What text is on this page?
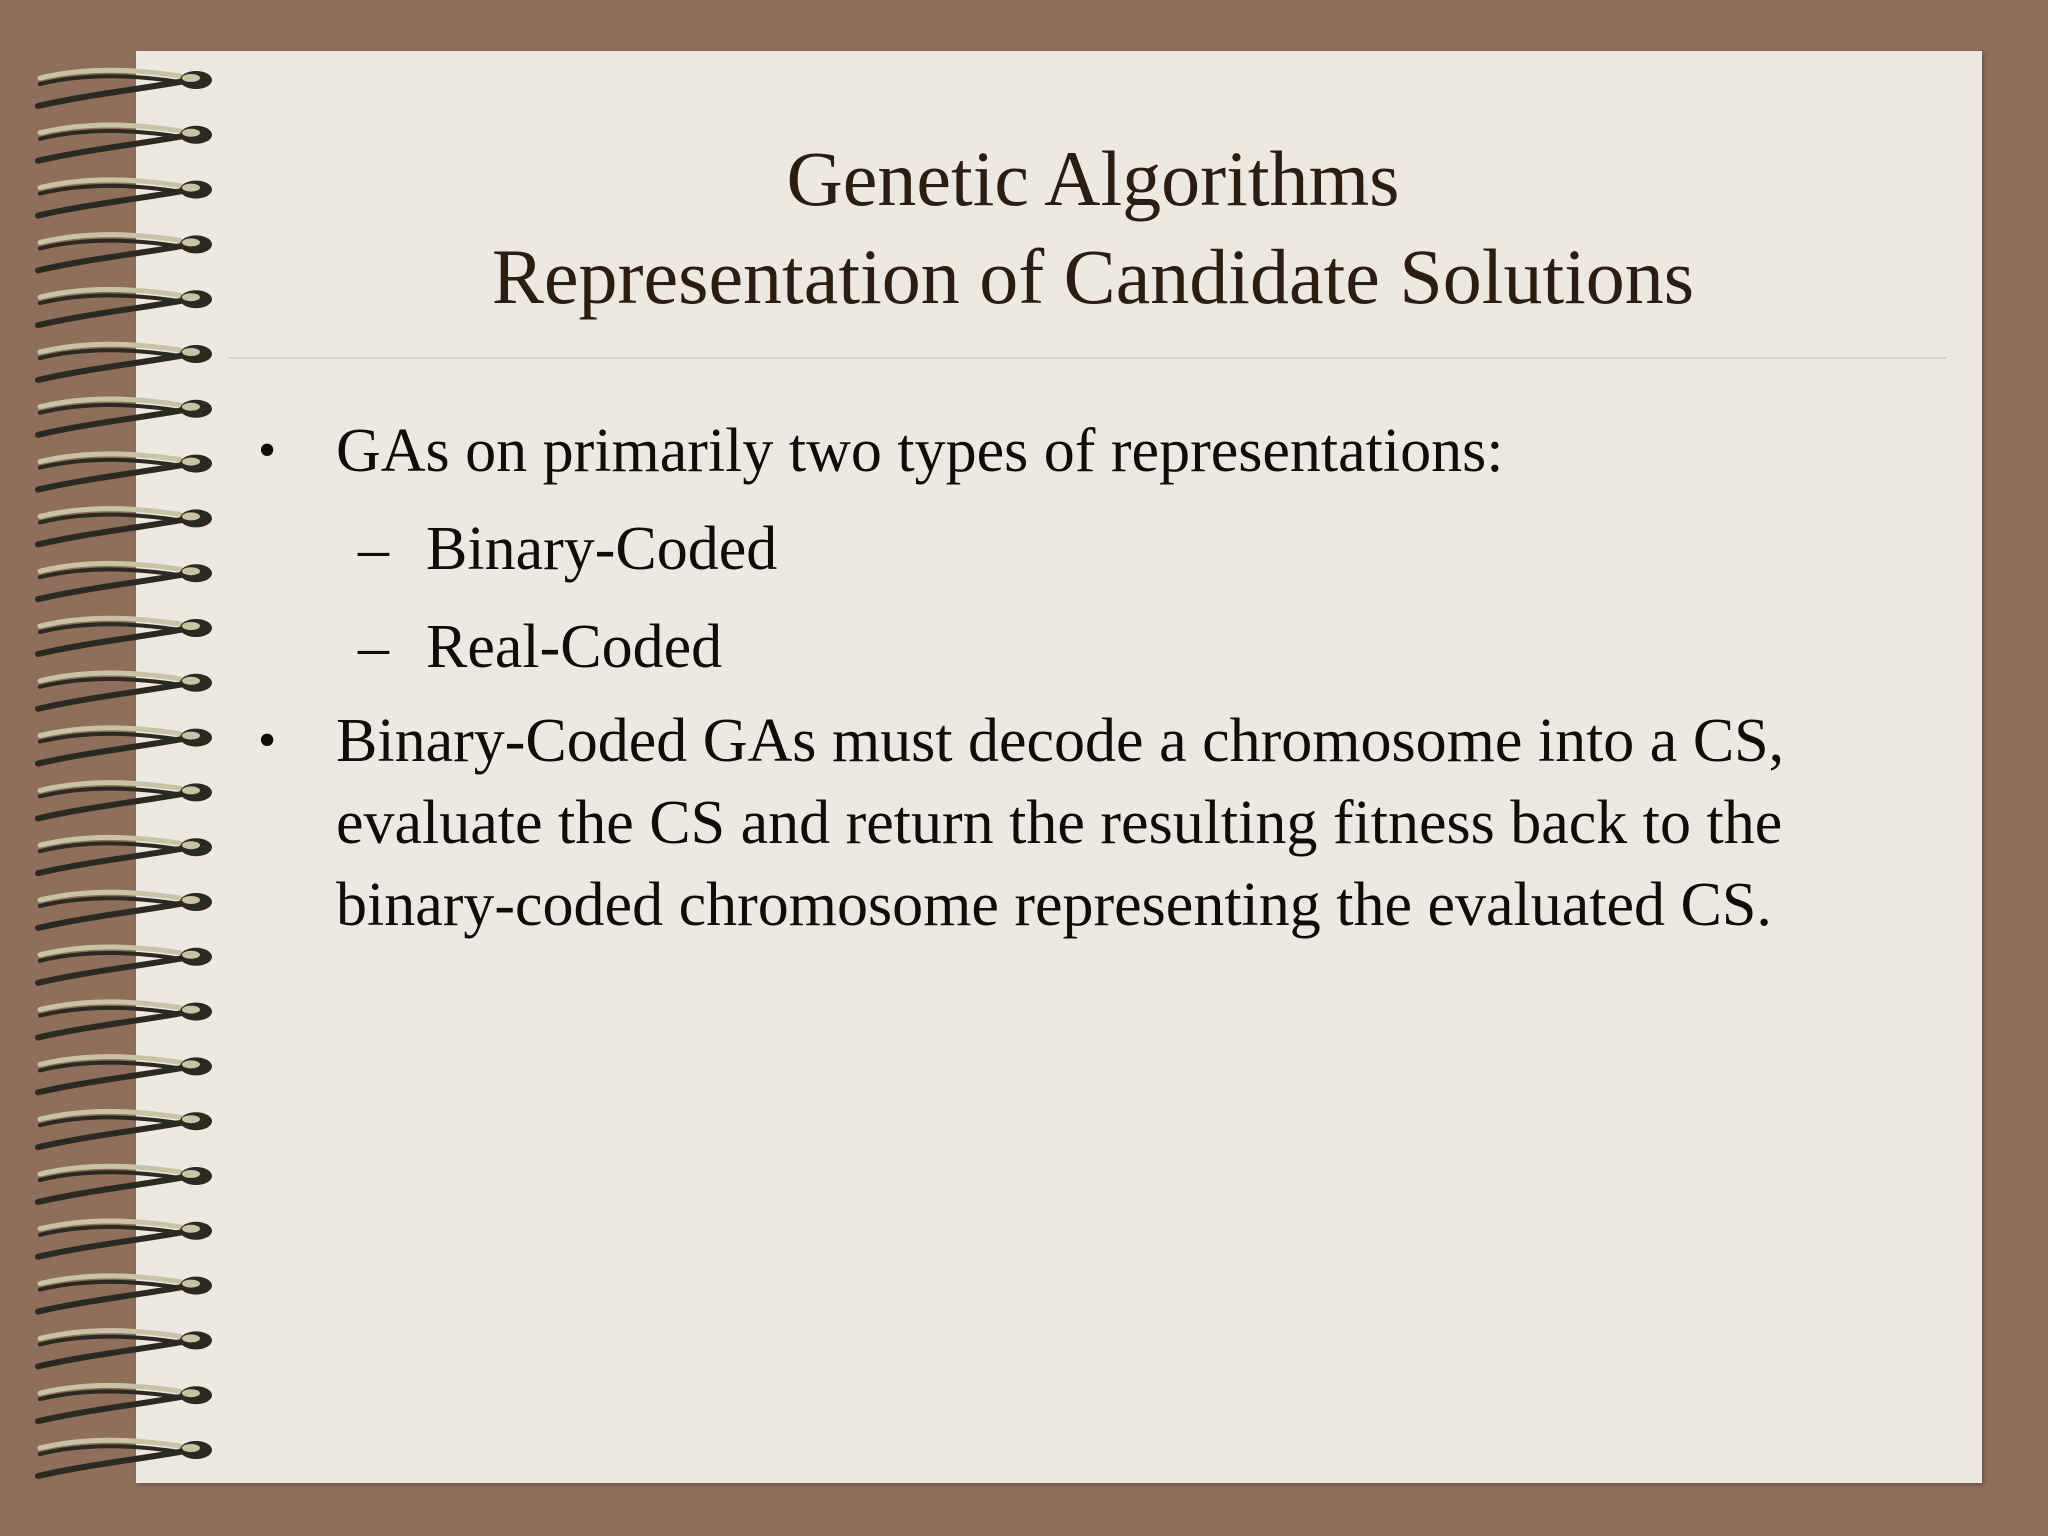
Genetic Algorithms
Representation of Candidate Solutions
• GAs on primarily two types of representations:
– Binary-Coded
– Real-Coded
• Binary-Coded GAs must decode a chromosome into a CS, evaluate the CS and return the resulting fitness back to the binary-coded chromosome representing the evaluated CS.
